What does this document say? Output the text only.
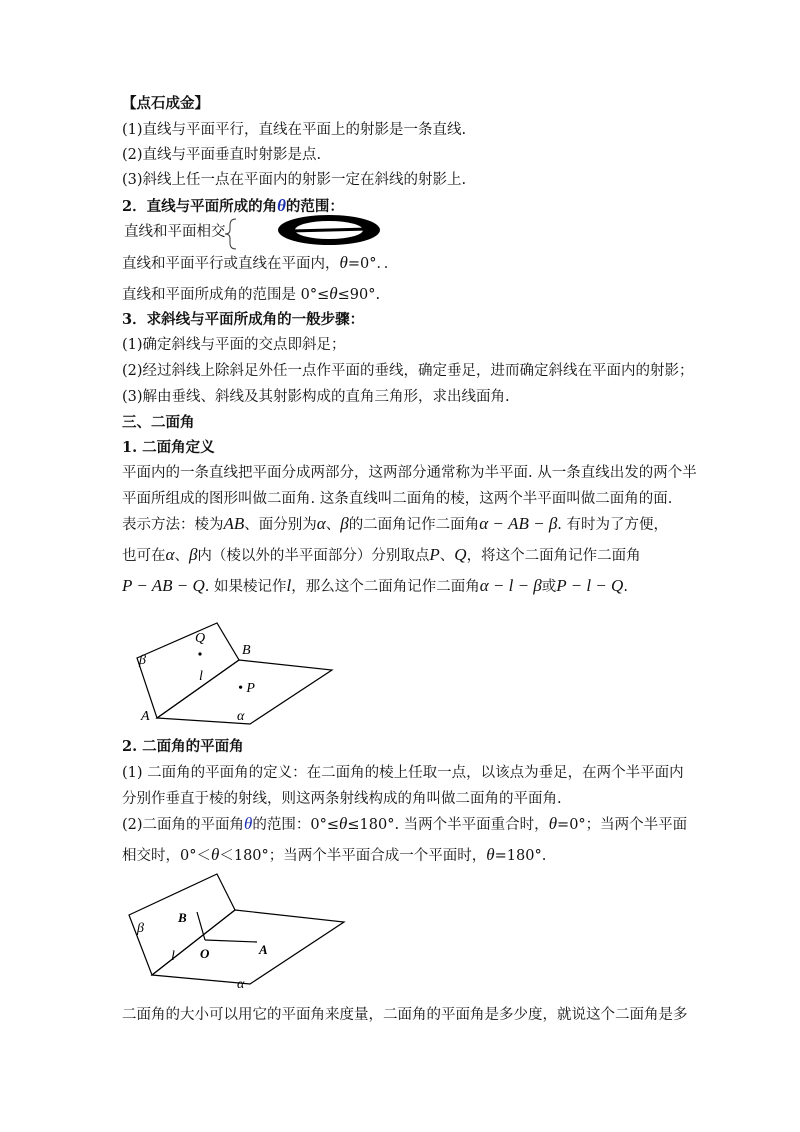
【点石成金】
(1)直线与平面平行，直线在平面上的射影是一条直线.
(2)直线与平面垂直时射影是点.
(3)斜线上任一点在平面内的射影一定在斜线的射影上.
2．直线与平面所成的角θ的范围：
直线和平面相交
直线和平面平行或直线在平面内，θ=0°．．
直线和平面所成角的范围是 0°≤θ≤90°.
3．求斜线与平面所成角的一般步骤：
(1)确定斜线与平面的交点即斜足；
(2)经过斜线上除斜足外任一点作平面的垂线，确定垂足，进而确定斜线在平面内的射影；
(3)解由垂线、斜线及其射影构成的直角三角形，求出线面角.
三、二面角
1. 二面角定义
平面内的一条直线把平面分成两部分，这两部分通常称为半平面. 从一条直线出发的两个半
平面所组成的图形叫做二面角. 这条直线叫二面角的棱，这两个半平面叫做二面角的面.
表示方法：棱为AB、面分别为α、β的二面角记作二面角α − AB − β. 有时为了方便，
也可在α、β内（棱以外的半平面部分）分别取点P、Q，将这个二面角记作二面角
P − AB − Q. 如果棱记作l，那么这个二面角记作二面角α − l − β或P − l − Q.
Q
B
β
l
• P
A	α
2. 二面角的平面角
(1) 二面角的平面角的定义：在二面角的棱上任取一点，以该点为垂足，在两个半平面内
分别作垂直于棱的射线，则这两条射线构成的角叫做二面角的平面角.
(2)二面角的平面角θ的范围：0°≤θ≤180°. 当两个半平面重合时，θ=0°；当两个半平面
相交时，0°＜θ＜180°；当两个半平面合成一个平面时，θ=180°.
B
β
l O	A
α
二面角的大小可以用它的平面角来度量，二面角的平面角是多少度，就说这个二面角是多
